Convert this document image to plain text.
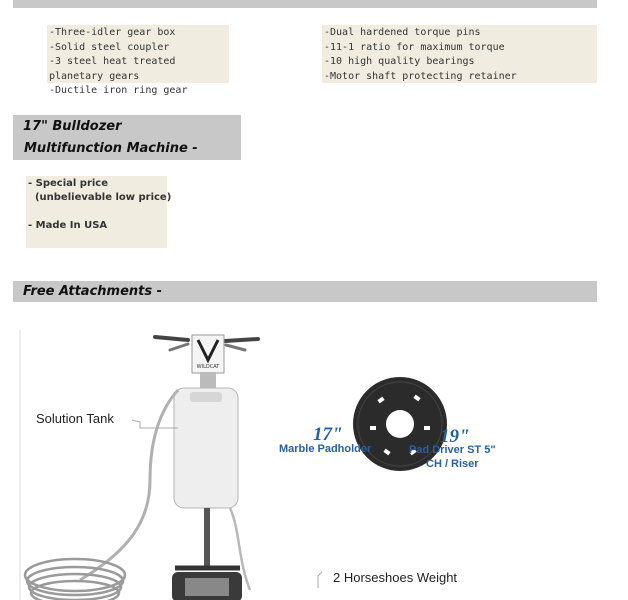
-Three-idler gear box
-Solid steel coupler
-3 steel heat treated planetary gears
-Ductile iron ring gear
-Dual hardened torque pins
-11-1 ratio for maximum torque
-10 high quality bearings
-Motor shaft protecting retainer
17" Bulldozer
Multifunction Machine -
- Special price
(unbelievable low price)
- Made In USA
Free Attachments -
WILDCAT
Solution Tank
2 Horseshoes Weight
17"
Marble Padholder
19"
Pad Driver ST 5"
CH / Riser
